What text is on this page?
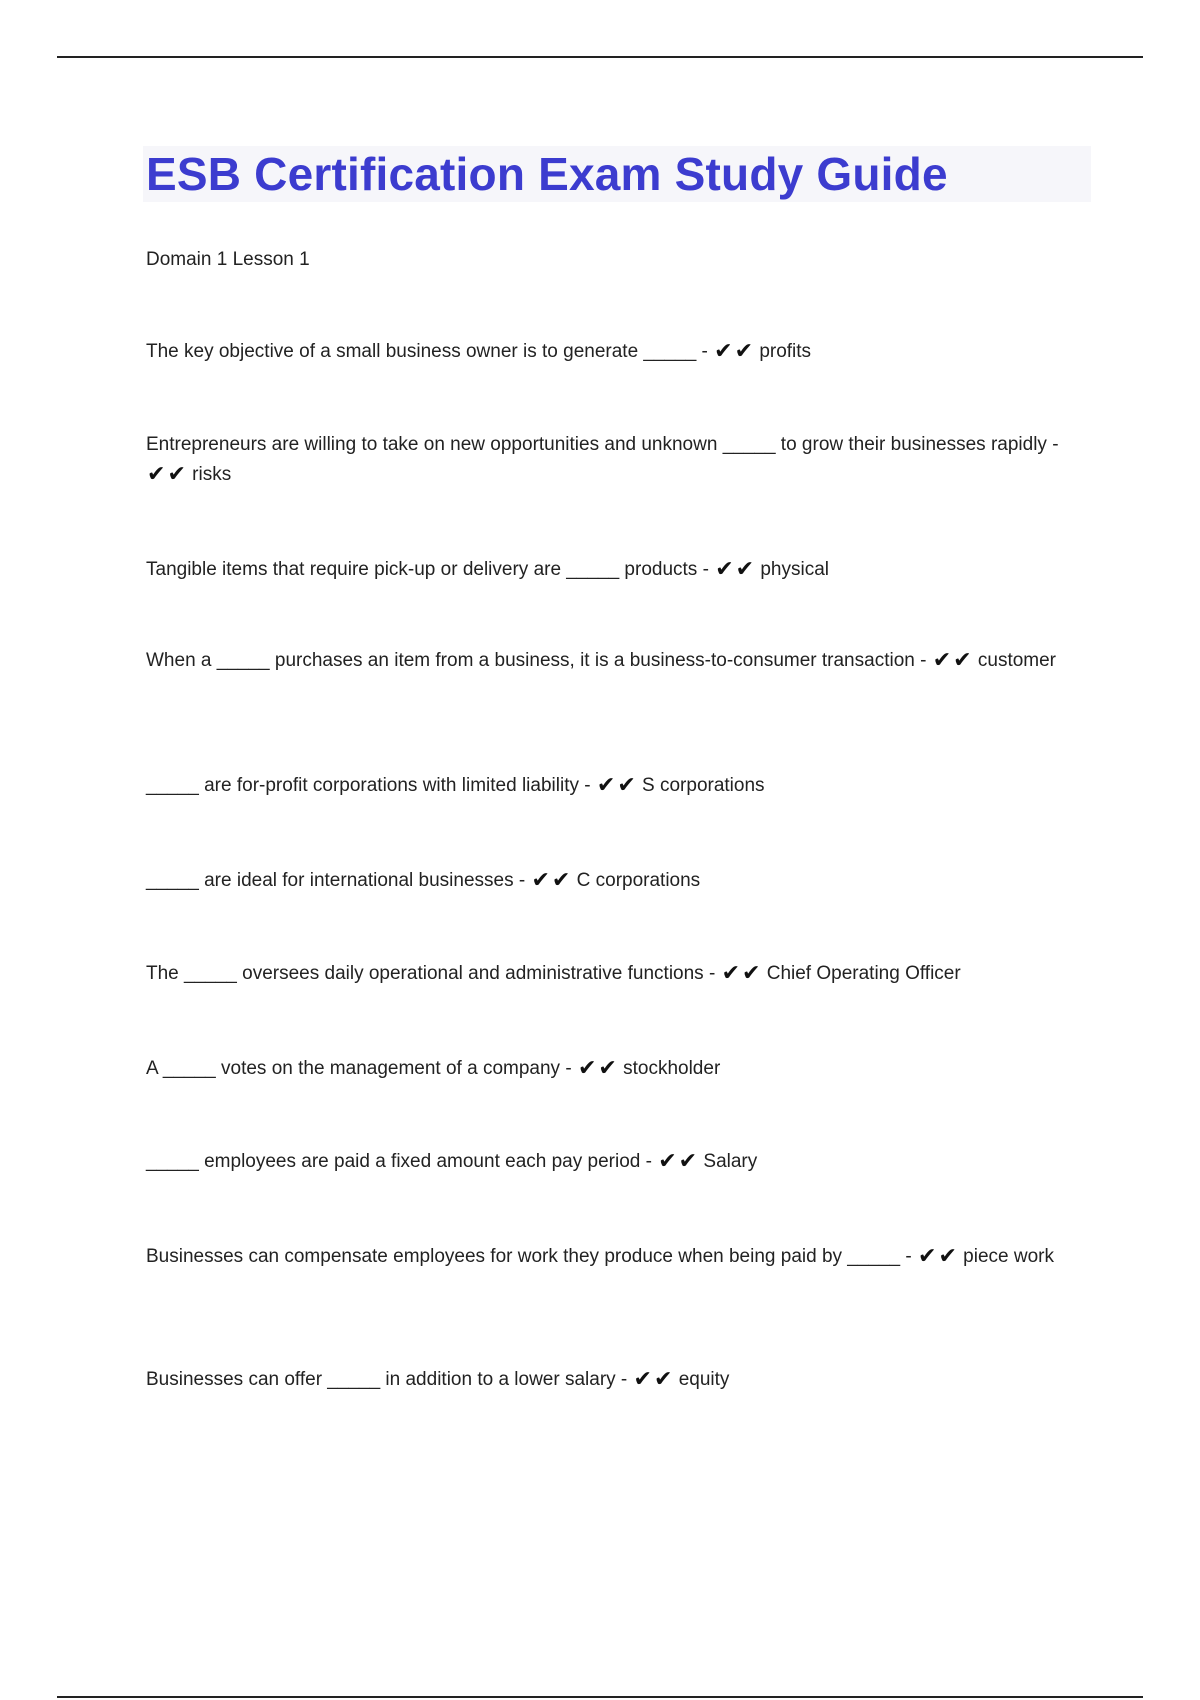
ESB Certification Exam Study Guide
Domain 1 Lesson 1
The key objective of a small business owner is to generate _____ - ✔✔ profits
Entrepreneurs are willing to take on new opportunities and unknown _____ to grow their businesses rapidly - ✔✔ risks
Tangible items that require pick-up or delivery are _____ products - ✔✔ physical
When a _____ purchases an item from a business, it is a business-to-consumer transaction - ✔✔ customer
_____ are for-profit corporations with limited liability - ✔✔ S corporations
_____ are ideal for international businesses - ✔✔ C corporations
The _____ oversees daily operational and administrative functions - ✔✔ Chief Operating Officer
A _____ votes on the management of a company - ✔✔ stockholder
_____ employees are paid a fixed amount each pay period - ✔✔ Salary
Businesses can compensate employees for work they produce when being paid by _____ - ✔✔ piece work
Businesses can offer _____ in addition to a lower salary - ✔✔ equity
